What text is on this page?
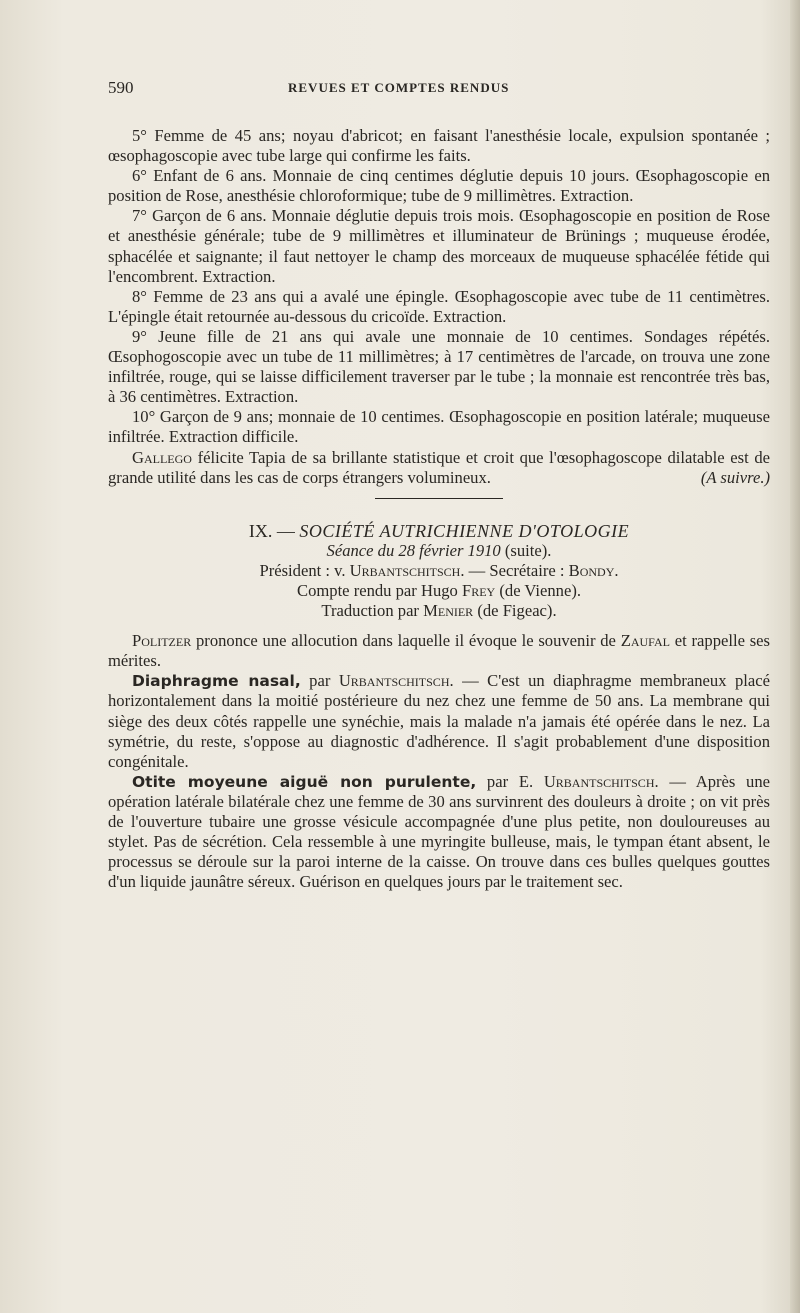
590	REVUES ET COMPTES RENDUS

5° Femme de 45 ans; noyau d'abricot; en faisant l'anesthésie locale, expulsion spontanée ; œsophagoscopie avec tube large qui confirme les faits.

6° Enfant de 6 ans. Monnaie de cinq centimes déglutie depuis 10 jours. Œsophagoscopie en position de Rose, anesthésie chloroformique; tube de 9 millimètres. Extraction.

7° Garçon de 6 ans. Monnaie déglutie depuis trois mois. Œsophagoscopie en position de Rose et anesthésie générale; tube de 9 millimètres et illuminateur de Brünings ; muqueuse érodée, sphacélée et saignante; il faut nettoyer le champ des morceaux de muqueuse sphacélée fétide qui l'encombrent. Extraction.

8° Femme de 23 ans qui a avalé une épingle. Œsophagoscopie avec tube de 11 centimètres. L'épingle était retournée au-dessous du cricoïde. Extraction.

9° Jeune fille de 21 ans qui avale une monnaie de 10 centimes. Sondages répétés. Œsophogoscopie avec un tube de 11 millimètres; à 17 centimètres de l'arcade, on trouva une zone infiltrée, rouge, qui se laisse difficilement traverser par le tube ; la monnaie est rencontrée très bas, à 36 centimètres. Extraction.

10° Garçon de 9 ans; monnaie de 10 centimes. Œsophagoscopie en position latérale; muqueuse infiltrée. Extraction difficile.

Gallego félicite Tapia de sa brillante statistique et croit que l'œsophagoscope dilatable est de grande utilité dans les cas de corps étrangers volumineux.	(A suivre.)

IX. — SOCIÉTÉ AUTRICHIENNE D'OTOLOGIE

Séance du 28 février 1910 (suite).

Président : v. Urbantschitsch. — Secrétaire : Bondy.

Compte rendu par Hugo Frey (de Vienne).

Traduction par Menier (de Figeac).

Politzer prononce une allocution dans laquelle il évoque le souvenir de Zaufal et rappelle ses mérites.

Diaphragme nasal, par Urbantschitsch. — C'est un diaphragme membraneux placé horizontalement dans la moitié postérieure du nez chez une femme de 50 ans. La membrane qui siège des deux côtés rappelle une synéchie, mais la malade n'a jamais été opérée dans le nez. La symétrie, du reste, s'oppose au diagnostic d'adhérence. Il s'agit probablement d'une disposition congénitale.

Otite moyeune aiguë non purulente, par E. Urbantschitsch. — Après une opération latérale bilatérale chez une femme de 30 ans survinrent des douleurs à droite ; on vit près de l'ouverture tubaire une grosse vésicule accompagnée d'une plus petite, non douloureuses au stylet. Pas de sécrétion. Cela ressemble à une myringite bulleuse, mais, le tympan étant absent, le processus se déroule sur la paroi interne de la caisse. On trouve dans ces bulles quelques gouttes d'un liquide jaunâtre séreux. Guérison en quelques jours par le traitement sec.
